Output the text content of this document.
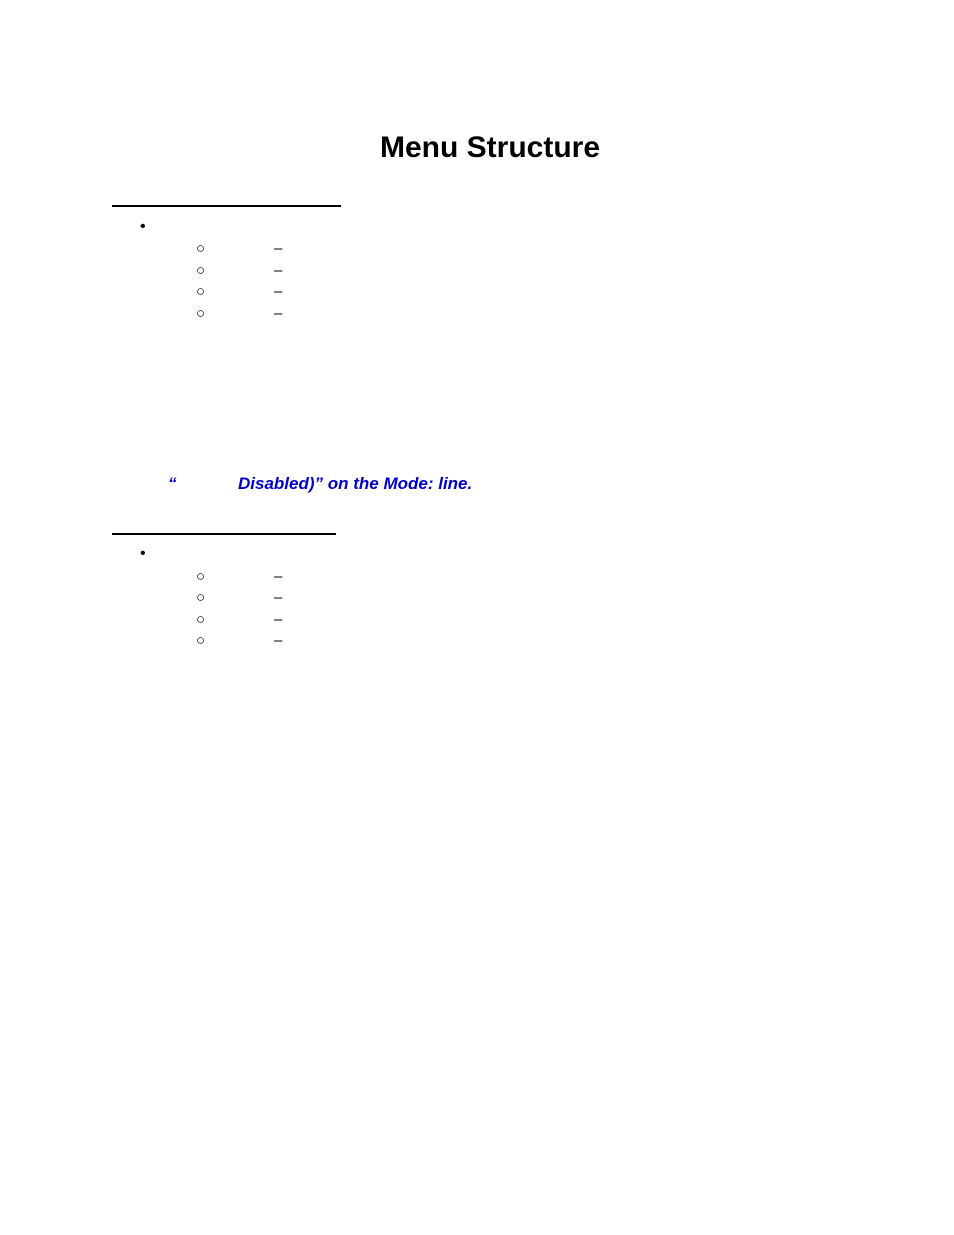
Menu Structure
•
○	–
○	–
○	–
○	–
“	Disabled)” on the Mode: line.
•
○	–
○	–
○	–
○	–
